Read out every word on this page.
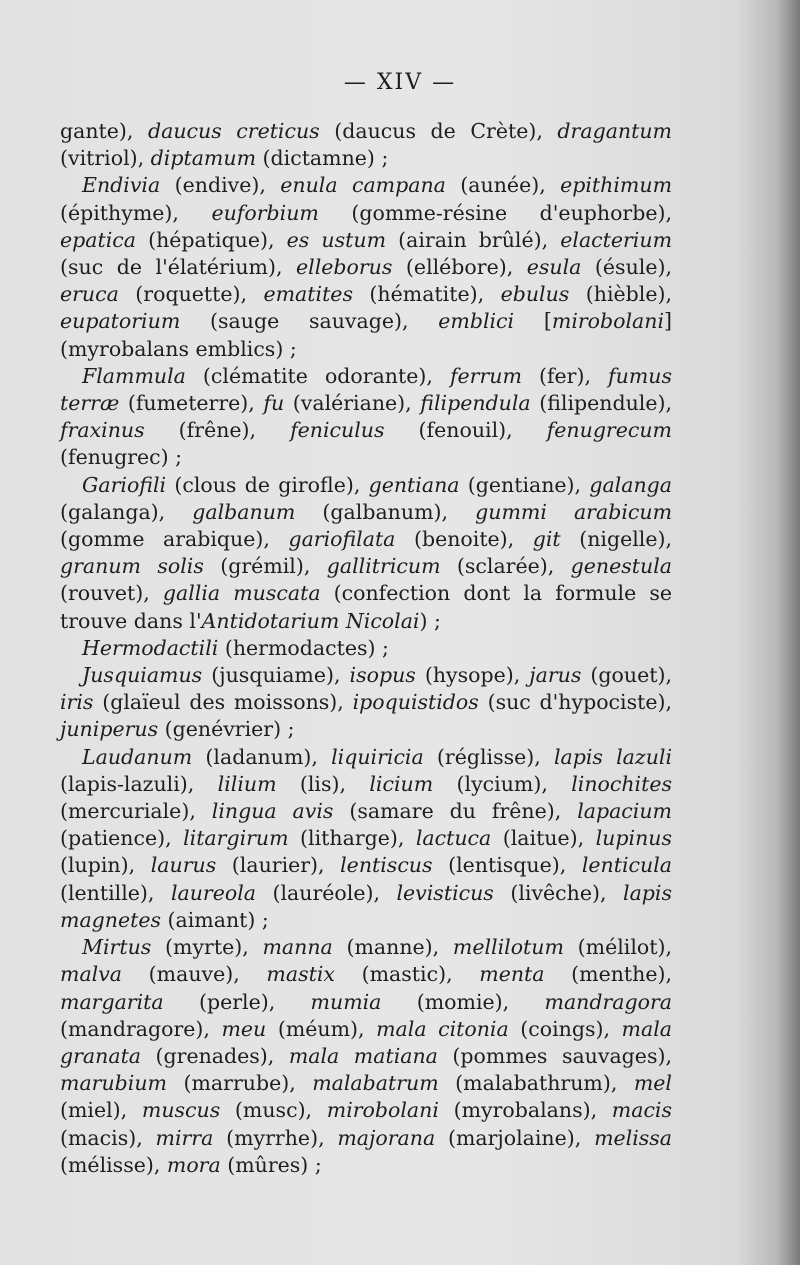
— XIV —

gante), daucus creticus (daucus de Crète), dragantum (vitriol), diptamum (dictamne) ;

Endivia (endive), enula campana (aunée), epithimum (épithyme), euforbium (gomme-résine d'euphorbe), epatica (hépatique), es ustum (airain brûlé), elacterium (suc de l'élatérium), elleborus (ellébore), esula (ésule), eruca (roquette), ematites (hématite), ebulus (hièble), eupatorium (sauge sauvage), emblici [mirobolani] (myrobalans emblics) ;

Flammula (clématite odorante), ferrum (fer), fumus terræ (fumeterre), fu (valériane), filipendula (filipendule), fraxinus (frêne), feniculus (fenouil), fenugrecum (fenugrec) ;

Gariofili (clous de girofle), gentiana (gentiane), galanga (galanga), galbanum (galbanum), gummi arabicum (gomme arabique), gariofilata (benoite), git (nigelle), granum solis (grémil), gallitricum (sclarée), genestula (rouvet), gallia muscata (confection dont la formule se trouve dans l'Antidotarium Nicolai) ;

Hermodactili (hermodactes) ;

Jusquiamus (jusquiame), isopus (hysope), jarus (gouet), iris (glaïeul des moissons), ipoquistidos (suc d'hypociste), juniperus (genévrier) ;

Laudanum (ladanum), liquiricia (réglisse), lapis lazuli (lapis-lazuli), lilium (lis), licium (lycium), linochites (mercuriale), lingua avis (samare du frêne), lapacium (patience), litargirum (litharge), lactuca (laitue), lupinus (lupin), laurus (laurier), lentiscus (lentisque), lenticula (lentille), laureola (lauréole), levisticus (livêche), lapis magnetes (aimant) ;

Mirtus (myrte), manna (manne), mellilotum (mélilot), malva (mauve), mastix (mastic), menta (menthe), margarita (perle), mumia (momie), mandragora (mandragore), meu (méum), mala citonia (coings), mala granata (grenades), mala matiana (pommes sauvages), marubium (marrube), malabatrum (malabathrum), mel (miel), muscus (musc), mirobolani (myrobalans), macis (macis), mirra (myrrhe), majorana (marjolaine), melissa (mélisse), mora (mûres) ;
